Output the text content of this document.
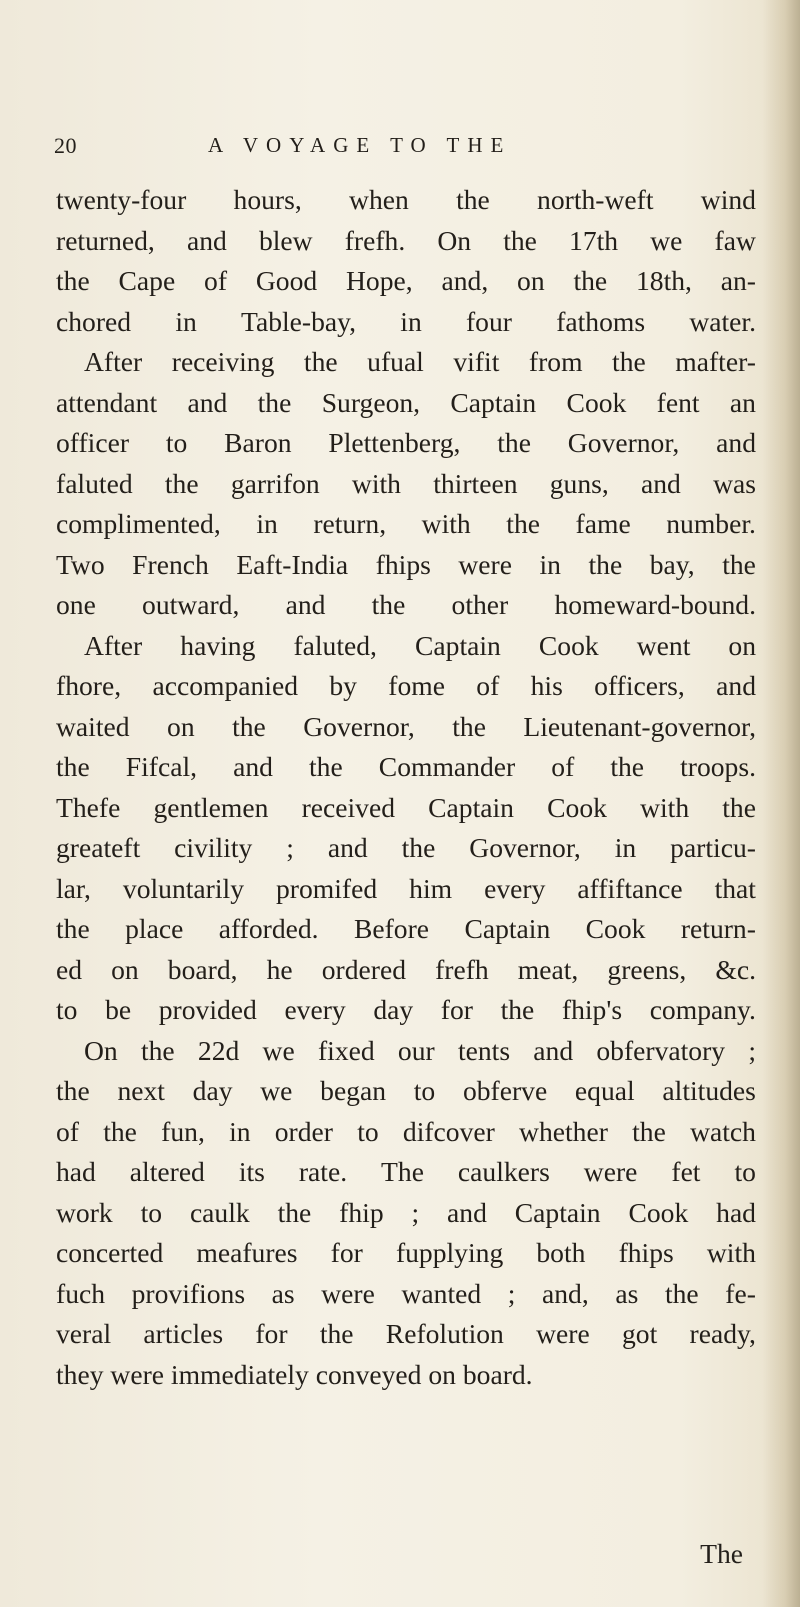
20	A VOYAGE TO THE
twenty-four hours, when the north-weft wind
returned, and blew frefh. On the 17th we faw
the Cape of Good Hope, and, on the 18th, an-
chored in Table-bay, in four fathoms water.
After receiving the ufual vifit from the mafter-
attendant and the Surgeon, Captain Cook fent an
officer to Baron Plettenberg, the Governor, and
faluted the garrifon with thirteen guns, and was
complimented, in return, with the fame number.
Two French Eaft-India fhips were in the bay, the
one outward, and the other homeward-bound.
After having faluted, Captain Cook went on
fhore, accompanied by fome of his officers, and
waited on the Governor, the Lieutenant-governor,
the Fifcal, and the Commander of the troops.
Thefe gentlemen received Captain Cook with the
greateft civility ; and the Governor, in particu-
lar, voluntarily promifed him every affiftance that
the place afforded. Before Captain Cook return-
ed on board, he ordered frefh meat, greens, &c.
to be provided every day for the fhip's company.
On the 22d we fixed our tents and obfervatory ;
the next day we began to obferve equal altitudes
of the fun, in order to difcover whether the watch
had altered its rate. The caulkers were fet to
work to caulk the fhip ; and Captain Cook had
concerted meafures for fupplying both fhips with
fuch provifions as were wanted ; and, as the fe-
veral articles for the Refolution were got ready,
they were immediately conveyed on board.
The
